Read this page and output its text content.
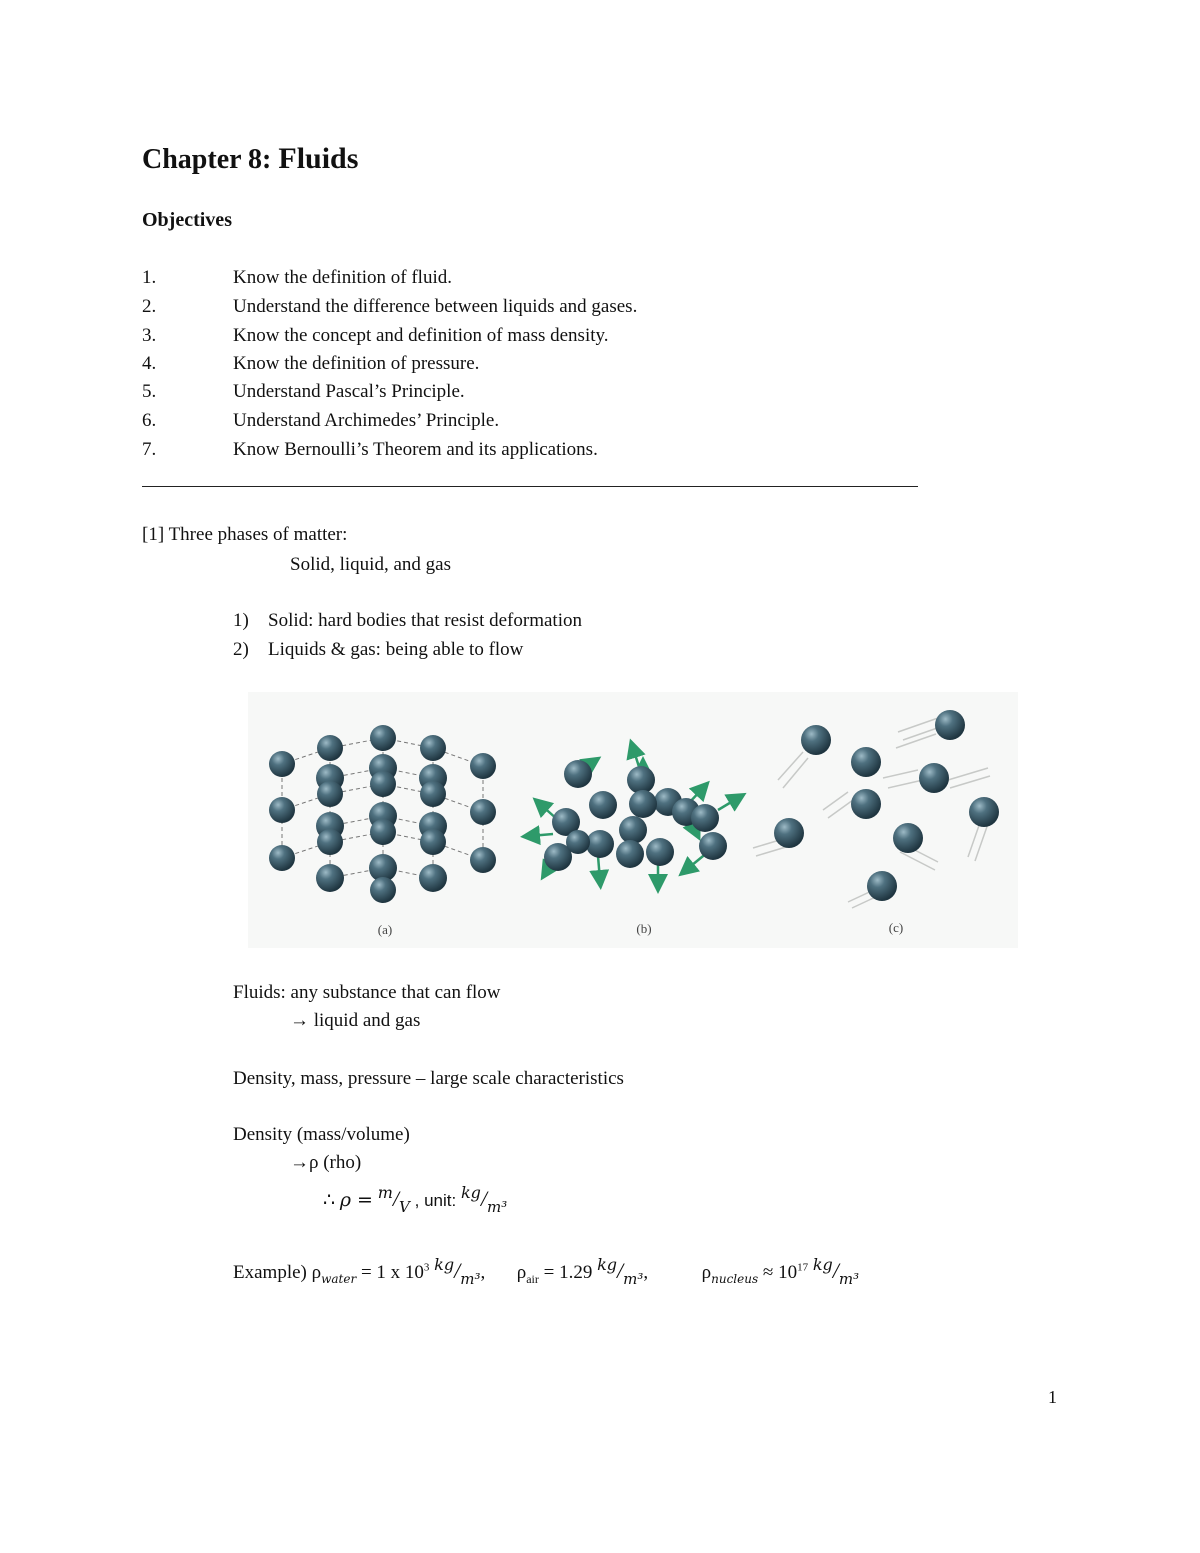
Chapter 8: Fluids
Objectives
1.	Know the definition of fluid.
2.	Understand the difference between liquids and gases.
3.	Know the concept and definition of mass density.
4.	Know the definition of pressure.
5.	Understand Pascal’s Principle.
6.	Understand Archimedes’ Principle.
7.	Know Bernoulli’s Theorem and its applications.
[1] Three phases of matter:
Solid, liquid, and gas
1) Solid: hard bodies that resist deformation
2) Liquids & gas: being able to flow
(a)	(b)	(c)
Fluids: any substance that can flow
→ liquid and gas
Density, mass, pressure – large scale characteristics
Density (mass/volume)
→ρ (rho)
∴ $\rho = ^m/_V$ , unit: $^{kg}/_{m^3}$
Example) $\rho_{water} = 1$ x $10^3$ $^{kg}/_{m^3}$, $\rho_{air} = 1.29$ $^{kg}/_{m^3}$,	$\rho_{nucleus} \approx 10^{17}$ $^{kg}/_{m^3}$
1
